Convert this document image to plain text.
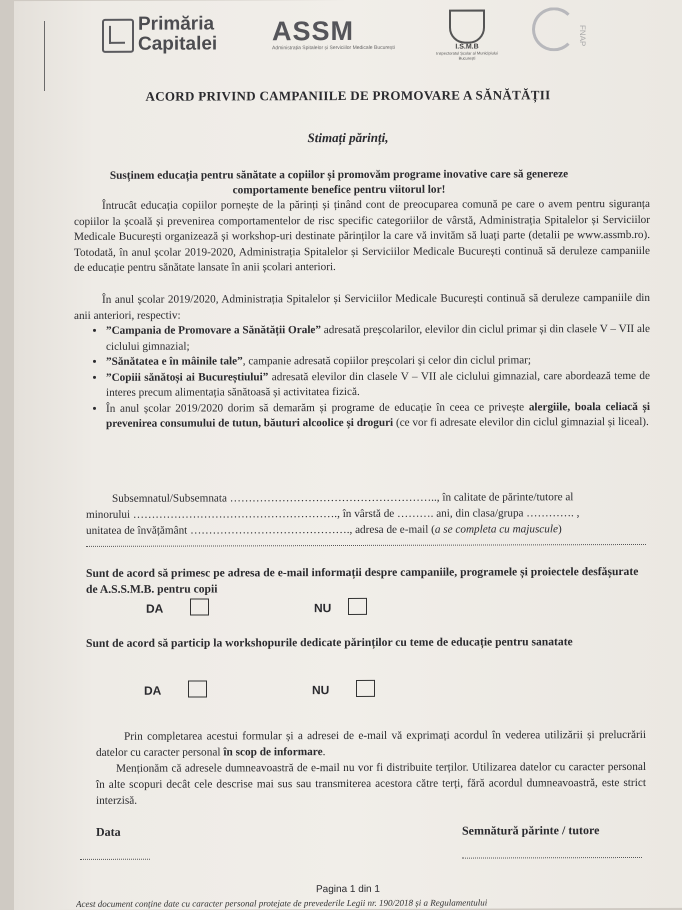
Primăria Capitalei	ASSM
Administrația Spitalelor și Serviciilor Medicale București	I.S.M.B
Inspectoratul Școlar al Municipiului București
FNAP
ACORD PRIVIND CAMPANIILE DE PROMOVARE A SĂNĂTĂȚII
Stimați părinți,
Susținem educația pentru sănătate a copiilor și promovăm programe inovative care să genereze comportamente benefice pentru viitorul lor!
Întrucât educația copiilor pornește de la părinți și ținând cont de preocuparea comună pe care o avem pentru siguranța copiilor la școală și prevenirea comportamentelor de risc specific categoriilor de vârstă, Administrația Spitalelor și Serviciilor Medicale București organizează și workshop-uri destinate părinților la care vă invităm să luați parte (detalii pe www.assmb.ro). Totodată, în anul școlar 2019-2020, Administrația Spitalelor și Serviciilor Medicale București continuă să deruleze campaniile de educație pentru sănătate lansate în anii școlari anteriori.
În anul școlar 2019/2020, Administrația Spitalelor și Serviciilor Medicale București continuă să deruleze campaniile din anii anteriori, respectiv:
• ”Campania de Promovare a Sănătății Orale” adresată preșcolarilor, elevilor din ciclul primar și din clasele V – VII ale ciclului gimnazial;
• ”Sănătatea e în mâinile tale”, campanie adresată copiilor preșcolari și celor din ciclul primar;
• ”Copiii sănătoși ai Bucureștiului” adresată elevilor din clasele V – VII ale ciclului gimnazial, care abordează teme de interes precum alimentația sănătoasă și activitatea fizică.
• În anul școlar 2019/2020 dorim să demarăm și programe de educație în ceea ce privește alergiile, boala celiacă și prevenirea consumului de tutun, băuturi alcoolice și droguri (ce vor fi adresate elevilor din ciclul gimnazial și liceal).
Subsemnatul/Subsemnata ……………………………………………….., în calitate de părinte/tutore al
minorului ………………………………………………., în vârstă de ………. ani, din clasa/grupa …………. ,
unitatea de învățământ ……………………………………., adresa de e-mail (a se completa cu majuscule)
Sunt de acord să primesc pe adresa de e-mail informații despre campaniile, programele și proiectele desfășurate de A.S.S.M.B. pentru copii
DA	NU
Sunt de acord să particip la workshopurile dedicate părinților cu teme de educație pentru sanatate
DA	NU
Prin completarea acestui formular și a adresei de e-mail vă exprimați acordul în vederea utilizării și prelucrării datelor cu caracter personal în scop de informare.
Menționăm că adresele dumneavoastră de e-mail nu vor fi distribuite terților. Utilizarea datelor cu caracter personal în alte scopuri decât cele descrise mai sus sau transmiterea acestora către terți, fără acordul dumneavoastră, este strict interzisă.
Data	Semnătură părinte / tutore
Pagina 1 din 1
Acest document conține date cu caracter personal protejate de prevederile Legii nr. 190/2018 și a Regulamentului
